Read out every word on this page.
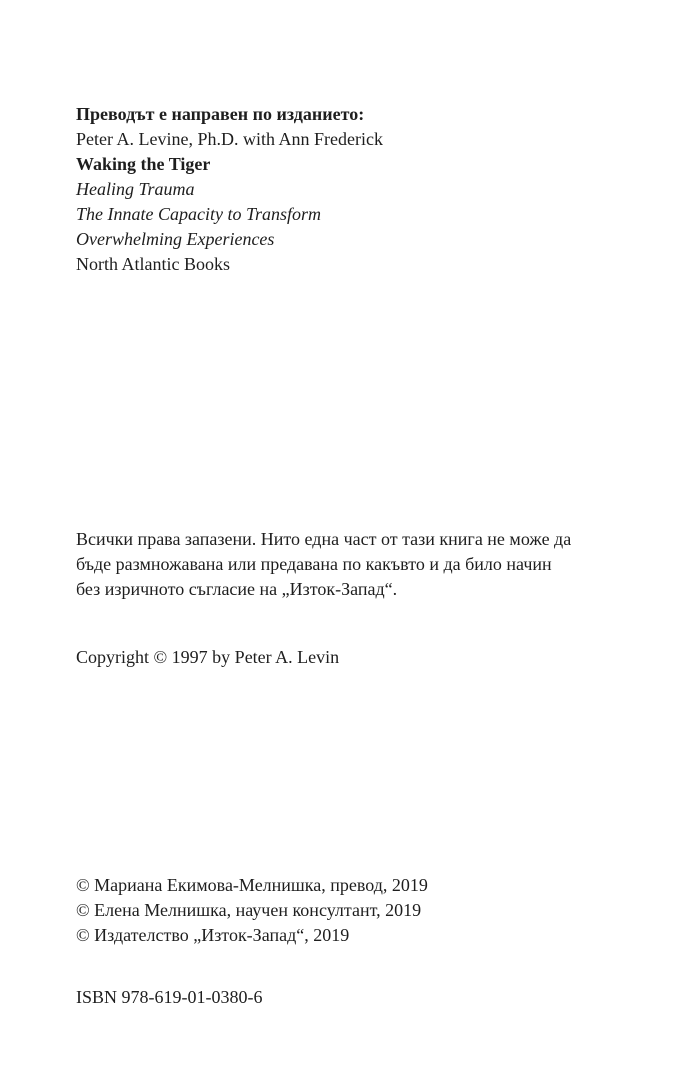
Преводът е направен по изданието:
Peter A. Levine, Ph.D. with Ann Frederick
Waking the Tiger
Healing Trauma
The Innate Capacity to Transform
Overwhelming Experiences
North Atlantic Books
Всички права запазени. Нито една част от тази книга не може да
бъде размножавана или предавана по какъвто и да било начин
без изричното съгласие на „Изток-Запад“.
Copyright © 1997 by Peter A. Levin
© Мариана Екимова-Мелнишка, превод, 2019
© Елена Мелнишка, научен консултант, 2019
© Издателство „Изток-Запад“, 2019
ISBN 978-619-01-0380-6
